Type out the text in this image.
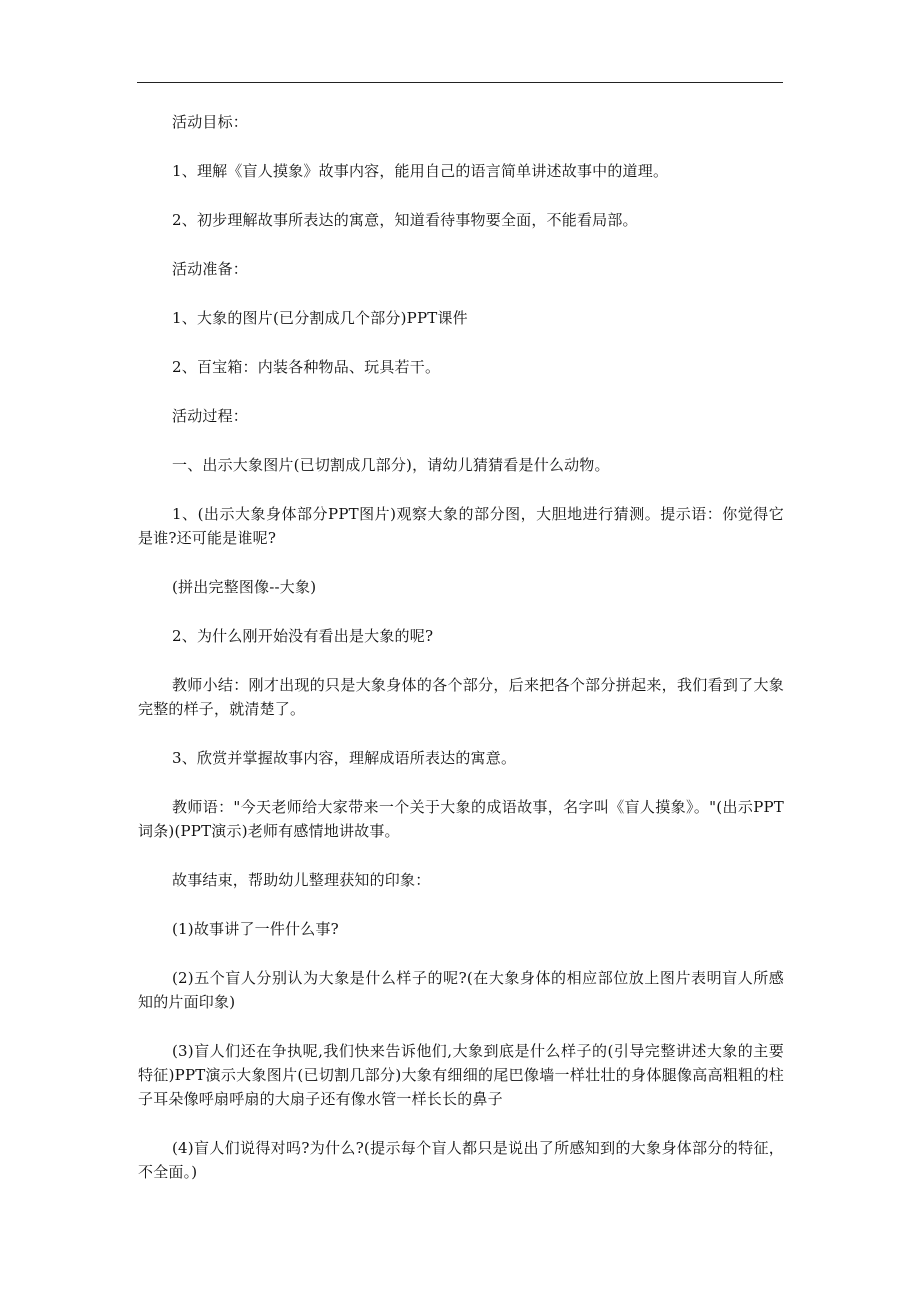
活动目标：

1、理解《盲人摸象》故事内容，能用自己的语言简单讲述故事中的道理。

2、初步理解故事所表达的寓意，知道看待事物要全面，不能看局部。

活动准备：

1、大象的图片(已分割成几个部分)PPT课件

2、百宝箱：内装各种物品、玩具若干。

活动过程：

一、出示大象图片(已切割成几部分)，请幼儿猜猜看是什么动物。

1、(出示大象身体部分PPT图片)观察大象的部分图，大胆地进行猜测。提示语：你觉得它是谁?还可能是谁呢?

(拼出完整图像--大象)

2、为什么刚开始没有看出是大象的呢?

教师小结：刚才出现的只是大象身体的各个部分，后来把各个部分拼起来，我们看到了大象完整的样子，就清楚了。

3、欣赏并掌握故事内容，理解成语所表达的寓意。

教师语："今天老师给大家带来一个关于大象的成语故事，名字叫《盲人摸象》。"(出示PPT词条)(PPT演示)老师有感情地讲故事。

故事结束，帮助幼儿整理获知的印象：

(1)故事讲了一件什么事?

(2)五个盲人分别认为大象是什么样子的呢?(在大象身体的相应部位放上图片表明盲人所感知的片面印象)

(3)盲人们还在争执呢,我们快来告诉他们,大象到底是什么样子的(引导完整讲述大象的主要特征)PPT演示大象图片(已切割几部分)大象有细细的尾巴像墙一样壮壮的身体腿像高高粗粗的柱子耳朵像呼扇呼扇的大扇子还有像水管一样长长的鼻子

(4)盲人们说得对吗?为什么?(提示每个盲人都只是说出了所感知到的大象身体部分的特征，不全面。)
